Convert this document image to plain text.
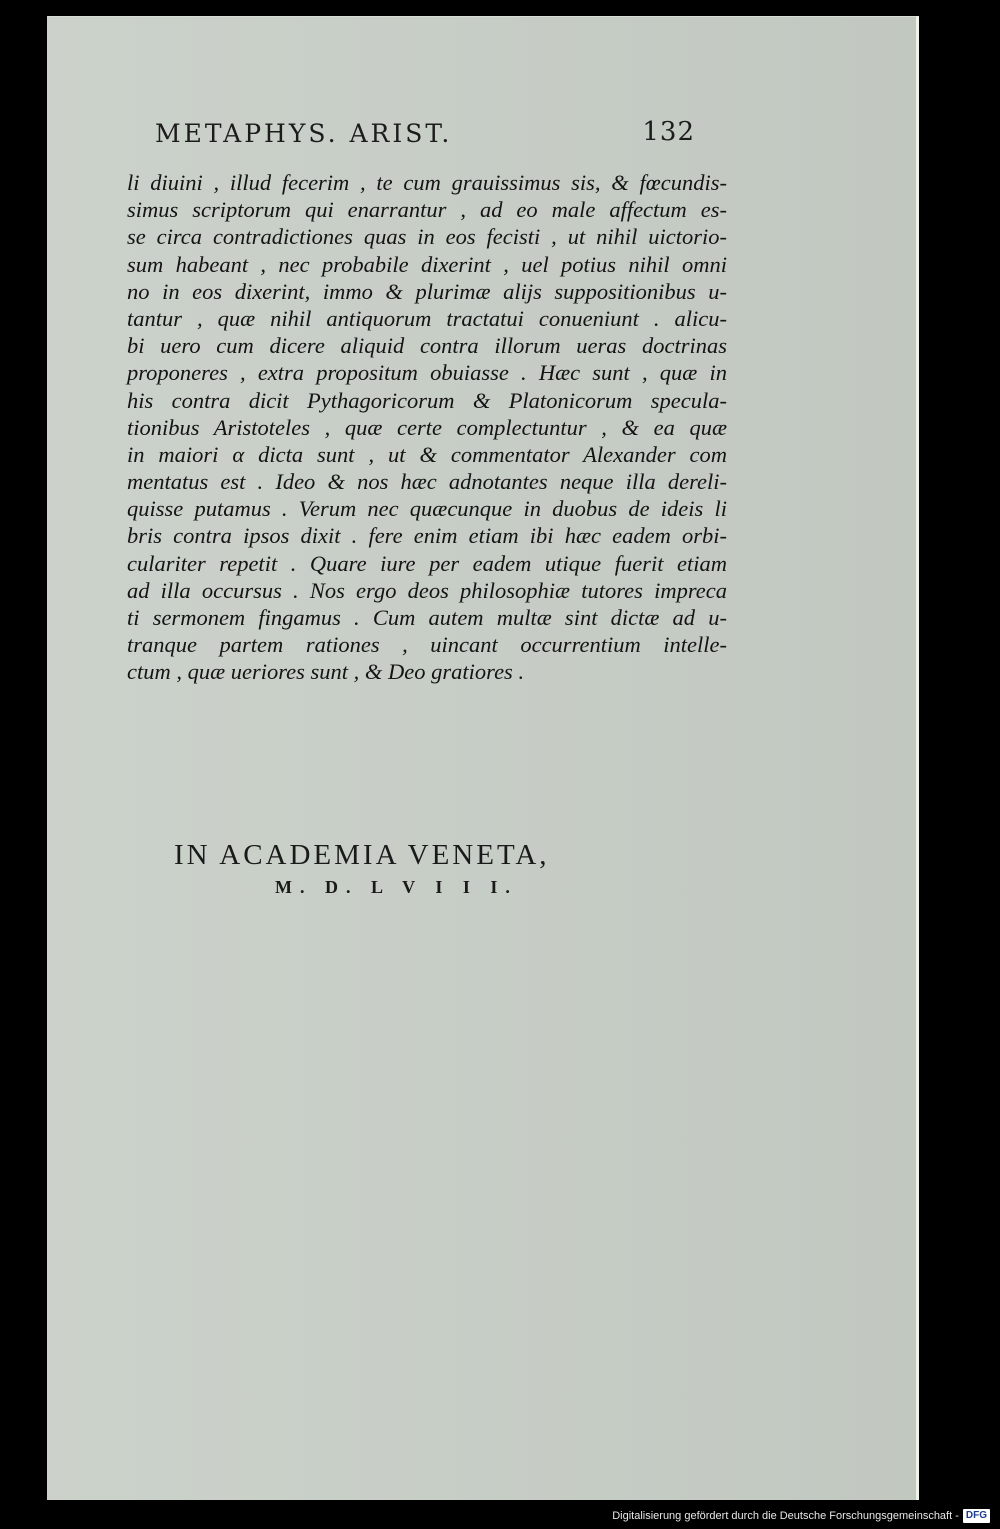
METAPHYS. ARIST.	132
li diuini , illud fecerim , te cum grauissimus sis, & fœcundis-
simus scriptorum qui enarrantur , ad eo male affectum es-
se circa contradictiones quas in eos fecisti , ut nihil uictorio-
sum habeant , nec probabile dixerint , uel potius nihil omni
no in eos dixerint, immo & plurimæ alijs suppositionibus u-
tantur , quæ nihil antiquorum tractatui conueniunt . alicu-
bi uero cum dicere aliquid contra illorum ueras doctrinas
proponeres , extra propositum obuiasse . Hæc sunt , quæ in
his contra dicit Pythagoricorum & Platonicorum specula-
tionibus Aristoteles , quæ certe complectuntur , & ea quæ
in maiori α dicta sunt , ut & commentator Alexander com
mentatus est . Ideo & nos hæc adnotantes neque illa dereli-
quisse putamus . Verum nec quæcunque in duobus de ideis li
bris contra ipsos dixit . fere enim etiam ibi hæc eadem orbi-
culariter repetit . Quare iure per eadem utique fuerit etiam
ad illa occursus . Nos ergo deos philosophiæ tutores impreca
ti sermonem fingamus . Cum autem multæ sint dictæ ad u-
tranque partem rationes , uincant occurrentium intelle-
ctum , quæ ueriores sunt , & Deo gratiores .
IN ACADEMIA VENETA,
M. D. L V I I I.
Digitalisierung gefördert durch die Deutsche Forschungsgemeinschaft - DFG
